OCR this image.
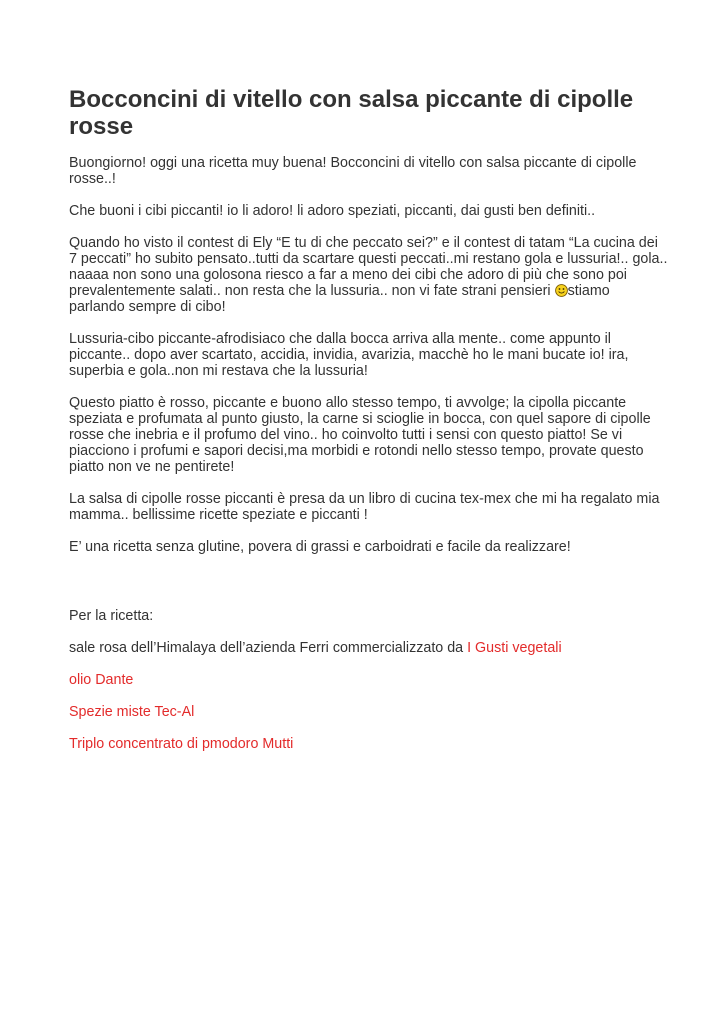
Bocconcini di vitello con salsa piccante di cipolle rosse

Buongiorno! oggi una ricetta muy buena! Bocconcini di vitello con salsa piccante di cipolle rosse..!

Che buoni i cibi piccanti! io li adoro! li adoro speziati, piccanti, dai gusti ben definiti..

Quando ho visto il contest di Ely “E tu di che peccato sei?” e il contest di tatam “La cucina dei 7 peccati” ho subito pensato..tutti da scartare questi peccati..mi restano gola e lussuria!.. gola.. naaaa non sono una golosona riesco a far a meno dei cibi che adoro di più che sono poi prevalentemente salati.. non resta che la lussuria.. non vi fate strani pensieri
stiamo parlando sempre di cibo!

Lussuria-cibo piccante-afrodisiaco che dalla bocca arriva alla mente.. come appunto il piccante.. dopo aver scartato, accidia, invidia, avarizia, macchè ho le mani bucate io! ira, superbia e gola..non mi restava che la lussuria!

Questo piatto è rosso, piccante e buono allo stesso tempo, ti avvolge; la cipolla piccante speziata e profumata al punto giusto, la carne si scioglie in bocca, con quel sapore di cipolle rosse che inebria e il profumo del vino.. ho coinvolto tutti i sensi con questo piatto! Se vi piacciono i profumi e sapori decisi,ma morbidi e rotondi nello stesso tempo, provate questo piatto non ve ne pentirete!

La salsa di cipolle rosse piccanti è presa da un libro di cucina tex-mex che mi ha regalato mia mamma.. bellissime ricette speziate e piccanti !

E’ una ricetta senza glutine, povera di grassi e carboidrati e facile da realizzare!

Per la ricetta:

sale rosa dell’Himalaya dell’azienda Ferri commercializzato da I Gusti vegetali

olio Dante

Spezie miste Tec-Al

Triplo concentrato di pmodoro Mutti
